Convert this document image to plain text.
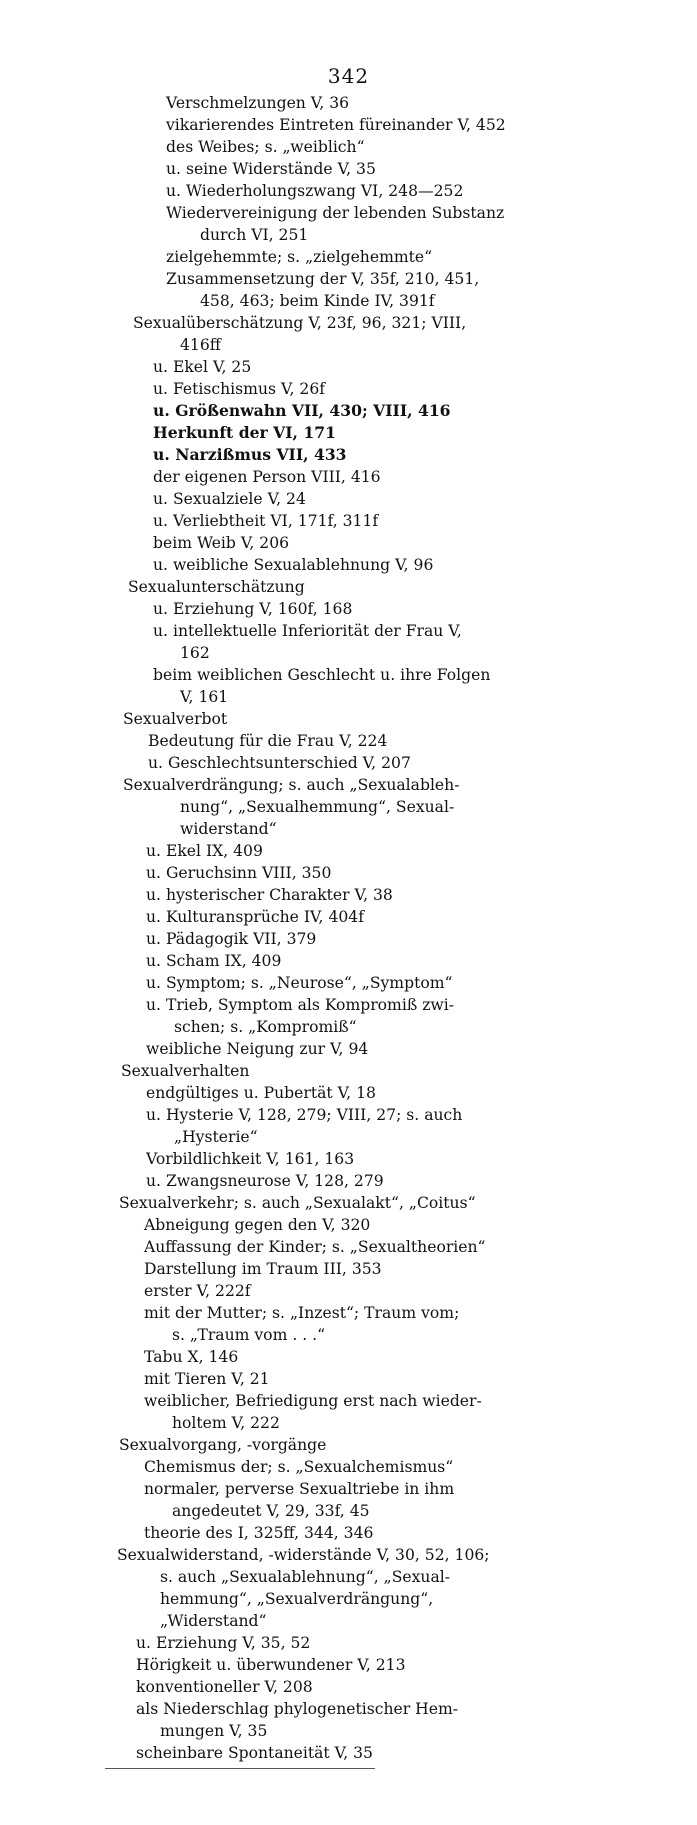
342
Verschmelzungen V, 36
vikarierendes Eintreten füreinander V, 452
des Weibes; s. „weiblich“
u. seine Widerstände V, 35
u. Wiederholungszwang VI, 248—252
Wiedervereinigung der lebenden Substanz
durch VI, 251
zielgehemmte; s. „zielgehemmte“
Zusammensetzung der V, 35f, 210, 451,
458, 463; beim Kinde IV, 391f
Sexualüberschätzung V, 23f, 96, 321; VIII,
416ff
u. Ekel V, 25
u. Fetischismus V, 26f
u. Größenwahn VII, 430; VIII, 416
Herkunft der VI, 171
u. Narzißmus VII, 433
der eigenen Person VIII, 416
u. Sexualziele V, 24
u. Verliebtheit VI, 171f, 311f
beim Weib V, 206
u. weibliche Sexualablehnung V, 96
Sexualunterschätzung
u. Erziehung V, 160f, 168
u. intellektuelle Inferiorität der Frau V,
162
beim weiblichen Geschlecht u. ihre Folgen
V, 161
Sexualverbot
Bedeutung für die Frau V, 224
u. Geschlechtsunterschied V, 207
Sexualverdrängung; s. auch „Sexualableh-
nung“, „Sexualhemmung“, Sexual-
widerstand“
u. Ekel IX, 409
u. Geruchsinn VIII, 350
u. hysterischer Charakter V, 38
u. Kulturansprüche IV, 404f
u. Pädagogik VII, 379
u. Scham IX, 409
u. Symptom; s. „Neurose“, „Symptom“
u. Trieb, Symptom als Kompromiß zwi-
schen; s. „Kompromiß“
weibliche Neigung zur V, 94
Sexualverhalten
endgültiges u. Pubertät V, 18
u. Hysterie V, 128, 279; VIII, 27; s. auch
„Hysterie“
Vorbildlichkeit V, 161, 163
u. Zwangsneurose V, 128, 279
Sexualverkehr; s. auch „Sexualakt“, „Coitus“
Abneigung gegen den V, 320
Auffassung der Kinder; s. „Sexualtheorien“
Darstellung im Traum III, 353
erster V, 222f
mit der Mutter; s. „Inzest“; Traum vom;
s. „Traum vom . . .“
Tabu X, 146
mit Tieren V, 21
weiblicher, Befriedigung erst nach wieder-
holtem V, 222
Sexualvorgang, -vorgänge
Chemismus der; s. „Sexualchemismus“
normaler, perverse Sexualtriebe in ihm
angedeutet V, 29, 33f, 45
theorie des I, 325ff, 344, 346
Sexualwiderstand, -widerstände V, 30, 52, 106;
s. auch „Sexualablehnung“, „Sexual-
hemmung“, „Sexualverdrängung“,
„Widerstand“
u. Erziehung V, 35, 52
Hörigkeit u. überwundener V, 213
konventioneller V, 208
als Niederschlag phylogenetischer Hem-
mungen V, 35
scheinbare Spontaneität V, 35
